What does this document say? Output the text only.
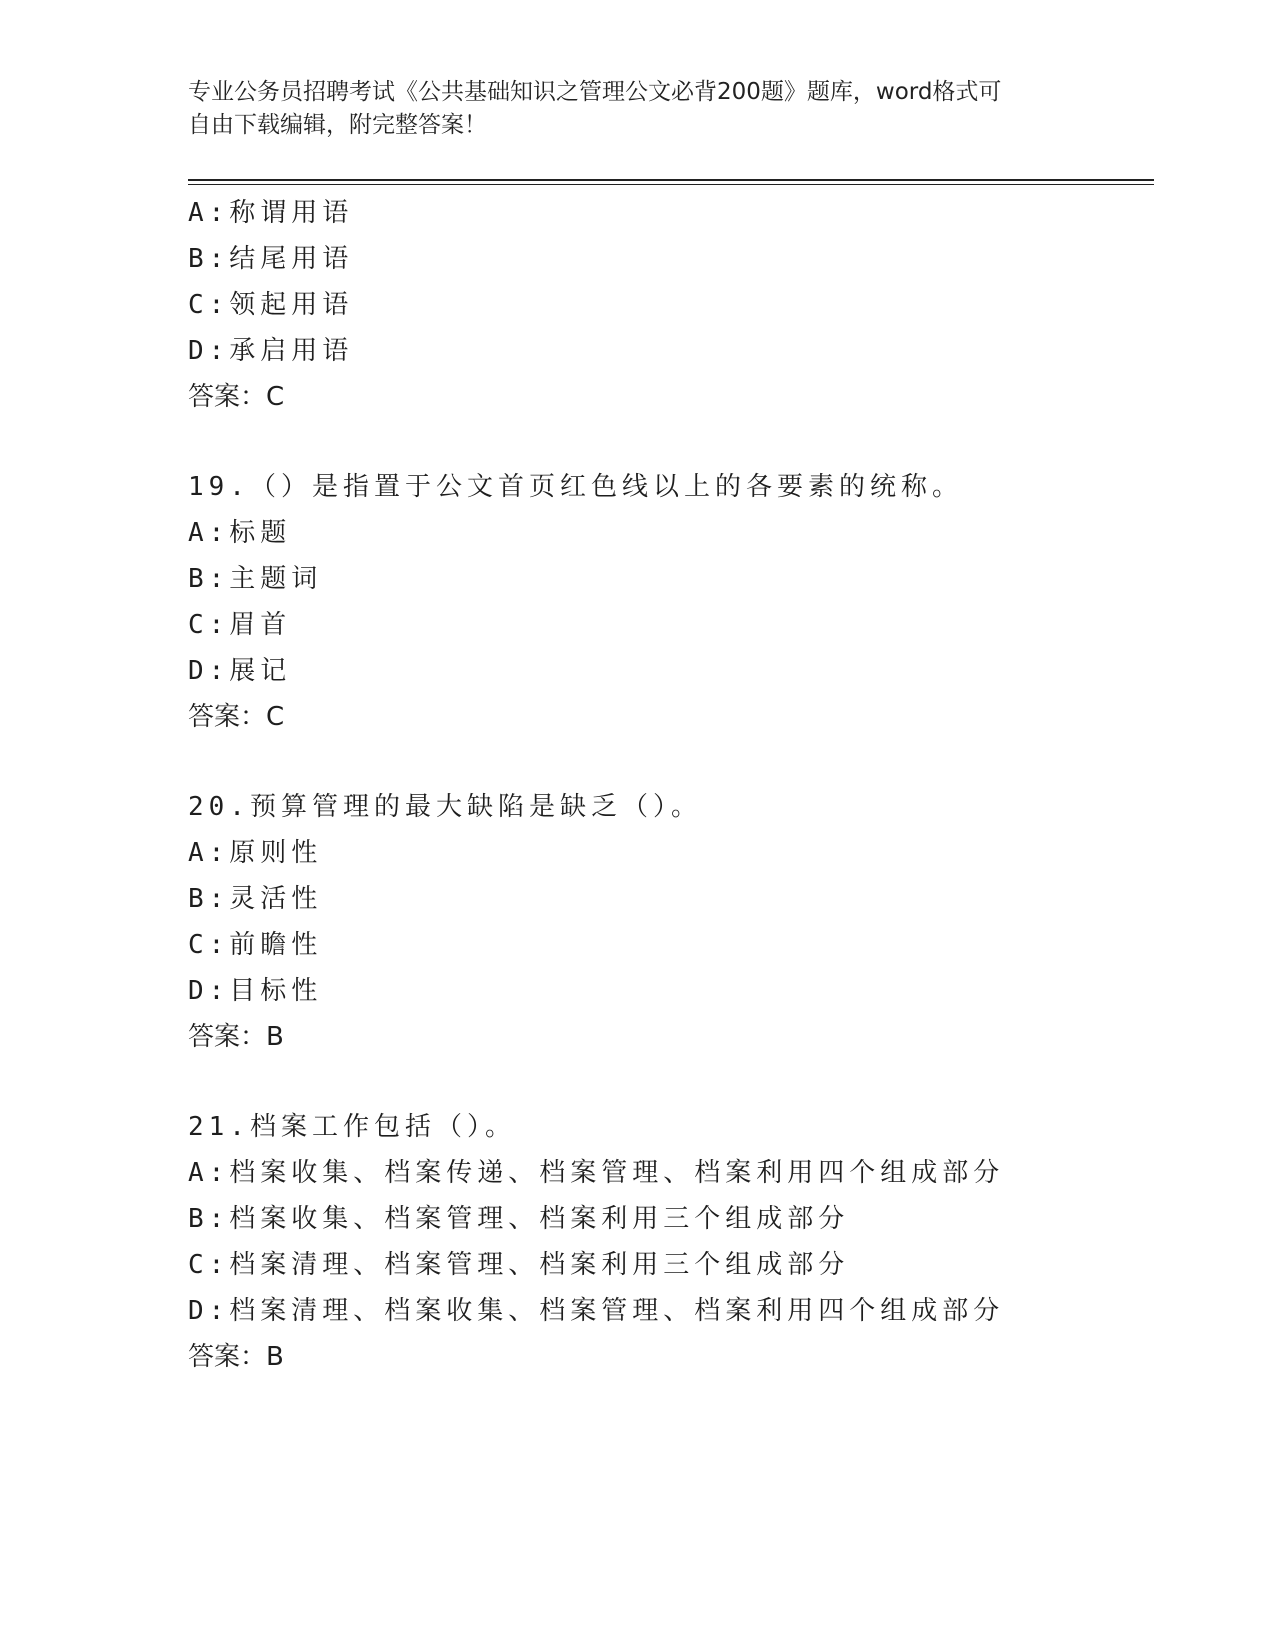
专业公务员招聘考试《公共基础知识之管理公文必背200题》题库，word格式可
自由下载编辑，附完整答案！
A:称谓用语
B:结尾用语
C:领起用语
D:承启用语
答案：C
19.（）是指置于公文首页红色线以上的各要素的统称。
A:标题
B:主题词
C:眉首
D:展记
答案：C
20.预算管理的最大缺陷是缺乏（）。
A:原则性
B:灵活性
C:前瞻性
D:目标性
答案：B
21.档案工作包括（）。
A:档案收集、档案传递、档案管理、档案利用四个组成部分
B:档案收集、档案管理、档案利用三个组成部分
C:档案清理、档案管理、档案利用三个组成部分
D:档案清理、档案收集、档案管理、档案利用四个组成部分
答案：B
